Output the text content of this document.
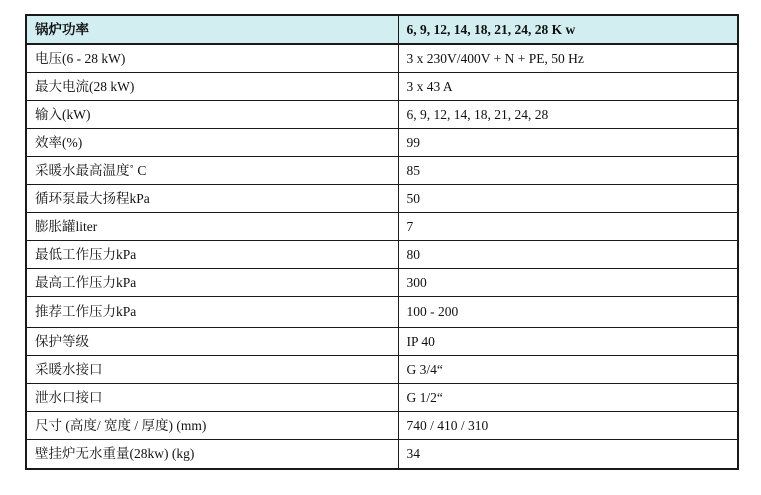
锅炉功率	6, 9, 12, 14, 18, 21, 24, 28 K w
电压(6 - 28 kW)	3 x 230V/400V + N + PE, 50 Hz
最大电流(28 kW)	3 x 43 A
输入(kW)	6, 9, 12, 14, 18, 21, 24, 28
效率(%)	99
采暖水最高温度˚ C	85
循环泵最大扬程kPa	50
膨胀罐liter	7
最低工作压力kPa	80
最高工作压力kPa	300
推荐工作压力kPa	100 - 200
保护等级	IP 40
采暖水接口	G 3/4“
泄水口接口	G 1/2“
尺寸 (高度/ 宽度 / 厚度) (mm)	740 / 410 / 310
壁挂炉无水重量(28kw) (kg)	34
